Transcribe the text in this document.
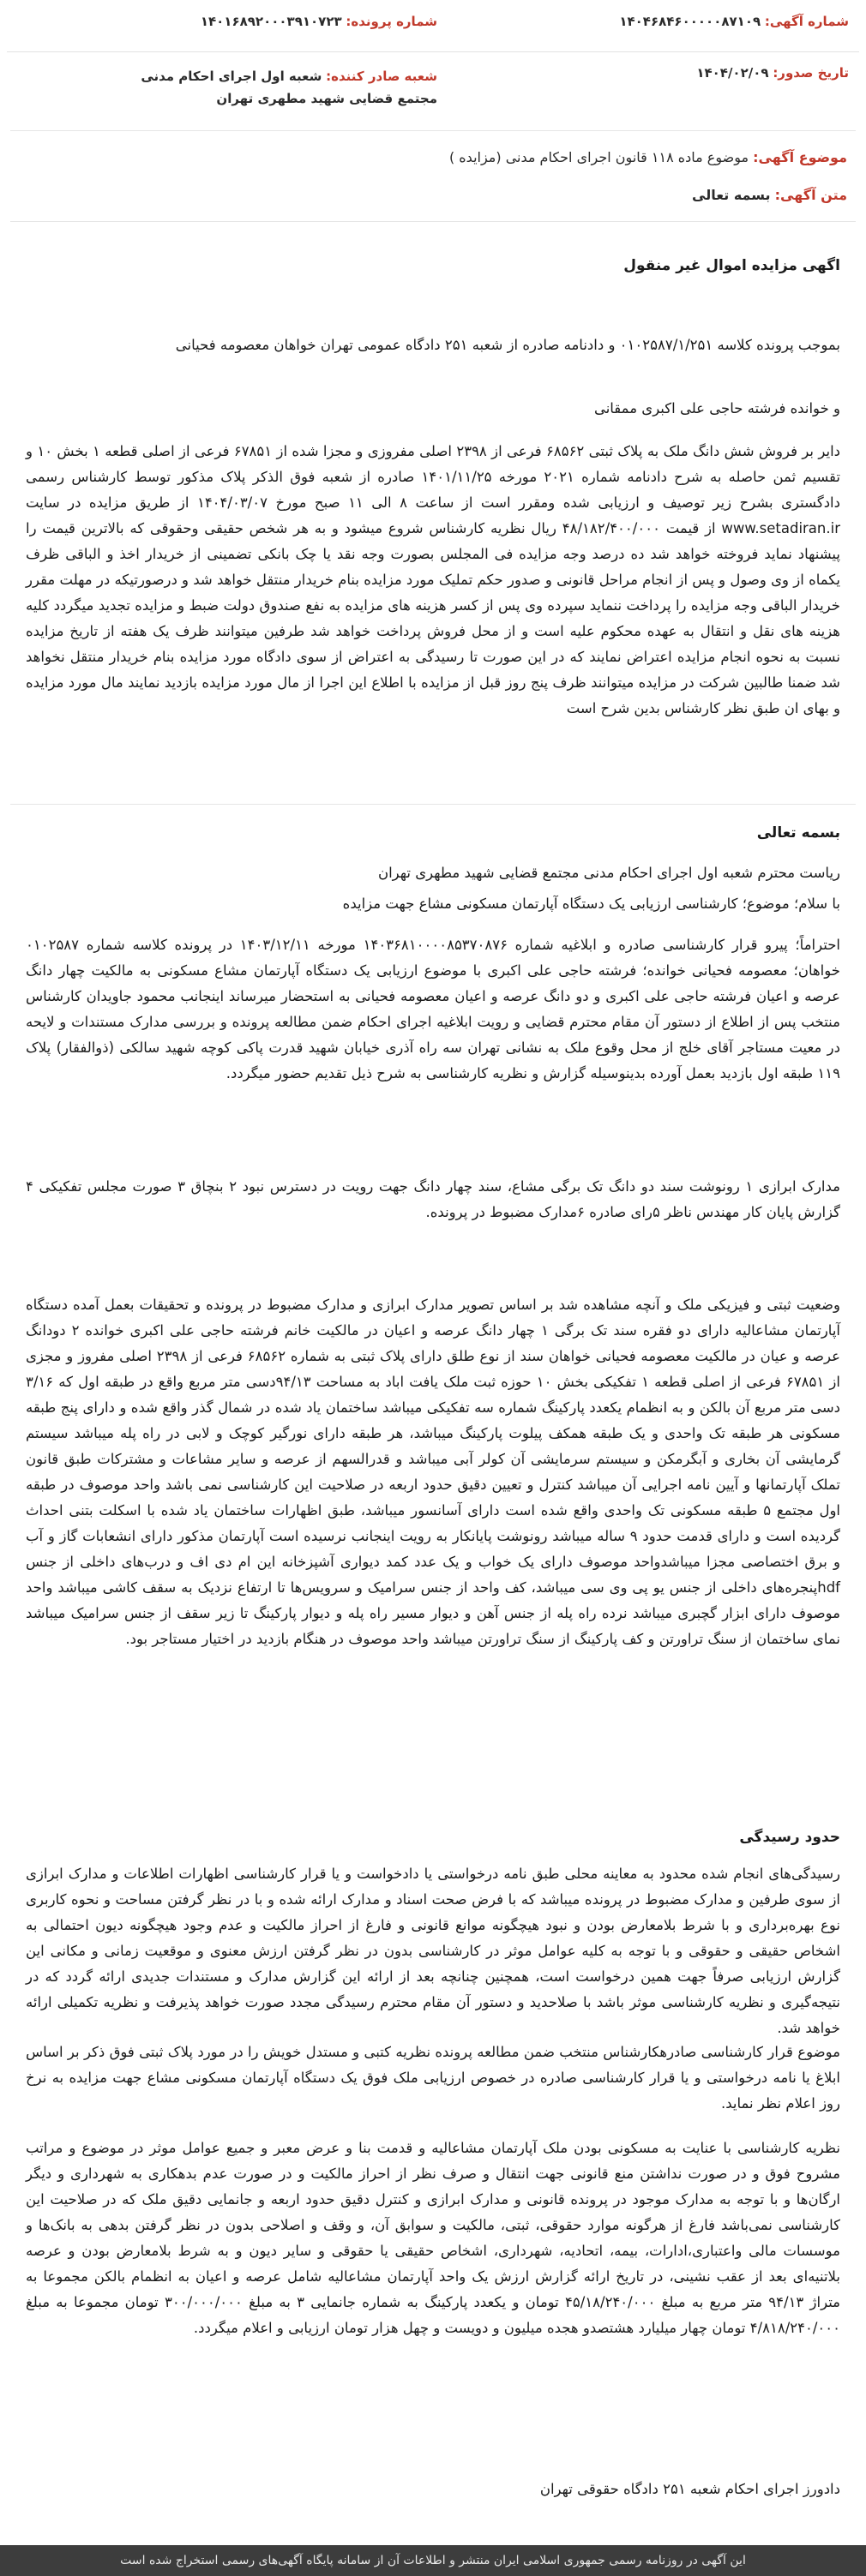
شماره آگهی: ۱۴۰۴۶۸۴۶۰۰۰۰۰۸۷۱۰۹
شماره پرونده: ۱۴۰۱۶۸۹۲۰۰۰۳۹۱۰۷۲۳
تاریخ صدور: ۱۴۰۴/۰۲/۰۹
شعبه صادر کننده: شعبه اول اجرای احکام مدنی مجتمع قضایی شهید مطهری تهران
موضوع آگهی: موضوع ماده ۱۱۸ قانون اجرای احکام مدنی (مزایده )
متن آگهی: بسمه تعالی
اگهی مزایده اموال غیر منقول
بموجب پرونده کلاسه ۰۱۰۲۵۸۷/۱/۲۵۱ و دادنامه صادره از شعبه ۲۵۱ دادگاه عمومی تهران خواهان معصومه فحیانی
و خوانده فرشته حاجی علی اکبری ممقانی
دایر بر فروش شش دانگ ملک به پلاک ثبتی ۶۸۵۶۲ فرعی از ۲۳۹۸ اصلی مفروزی و مجزا شده از ۶۷۸۵۱ فرعی از اصلی قطعه ۱ بخش ۱۰ و تقسیم ثمن حاصله به شرح دادنامه شماره ۲۰۲۱ مورخه ۱۴۰۱/۱۱/۲۵ صادره از شعبه فوق الذکر پلاک مذکور توسط کارشناس رسمی دادگستری بشرح زیر توصیف و ارزیابی شده ومقرر است از ساعت ۸ الی ۱۱ صبح مورخ ۱۴۰۴/۰۳/۰۷ از طریق مزایده در سایت www.setadiran.ir از قیمت ۴۸/۱۸۲/۴۰۰/۰۰۰ ریال نظریه کارشناس شروع میشود و به هر شخص حقیقی وحقوقی که بالاترین قیمت را پیشنهاد نماید فروخته خواهد شد ده درصد وجه مزایده فی المجلس بصورت وجه نقد یا چک بانکی تضمینی از خریدار اخذ و الباقی ظرف یکماه از وی وصول و پس از انجام مراحل قانونی و صدور حکم تملیک مورد مزایده بنام خریدار منتقل خواهد شد و درصورتیکه در مهلت مقرر خریدار الباقی وجه مزایده را پرداخت ننماید سپرده وی پس از کسر هزینه های مزایده به نفع صندوق دولت ضبط و مزایده تجدید میگردد کلیه هزینه های نقل و انتقال به عهده محکوم علیه است و از محل فروش پرداخت خواهد شد طرفین میتوانند ظرف یک هفته از تاریخ مزایده نسبت به نحوه انجام مزایده اعتراض نمایند که در این صورت تا رسیدگی به اعتراض از سوی دادگاه مورد مزایده بنام خریدار منتقل نخواهد شد ضمنا طالبین شرکت در مزایده میتوانند ظرف پنج روز قبل از مزایده با اطلاع این اجرا از مال مورد مزایده بازدید نمایند مال مورد مزایده و بهای ان طبق نظر کارشناس بدین شرح است
بسمه تعالی
ریاست محترم شعبه اول اجرای احکام مدنی مجتمع قضایی شهید مطهری تهران
با سلام؛ موضوع؛ کارشناسی ارزیابی یک دستگاه آپارتمان مسکونی مشاع جهت مزایده
احتراماً؛ پیرو قرار کارشناسی صادره و ابلاغیه شماره ۱۴۰۳۶۸۱۰۰۰۰۸۵۳۷۰۸۷۶ مورخه ۱۴۰۳/۱۲/۱۱ در پرونده کلاسه شماره ۰۱۰۲۵۸۷ خواهان؛ معصومه فحیانی خوانده؛ فرشته حاجی علی اکبری با موضوع ارزیابی یک دستگاه آپارتمان مشاع مسکونی به مالکیت چهار دانگ عرصه و اعیان فرشته حاجی علی اکبری و دو دانگ عرصه و اعیان معصومه فحیانی به استحضار میرساند اینجانب محمود جاویدان کارشناس منتخب پس از اطلاع از دستور آن مقام محترم قضایی و رویت ابلاغیه اجرای احکام ضمن مطالعه پرونده و بررسی مدارک مستندات و لایحه در معیت مستاجر آقای خلج از محل وقوع ملک به نشانی تهران سه راه آذری خیابان شهید قدرت پاکی کوچه شهید سالکی (ذوالفقار) پلاک ۱۱۹ طبقه اول بازدید بعمل آورده بدینوسیله گزارش و نظریه کارشناسی به شرح ذیل تقدیم حضور میگردد.
مدارک ابرازی ۱ رونوشت سند دو دانگ تک برگی مشاع، سند چهار دانگ جهت رویت در دسترس نبود ۲ بنچاق ۳ صورت مجلس تفکیکی ۴ گزارش پایان کار مهندس ناظر ۵رای صادره ۶مدارک مضبوط در پرونده.
وضعیت ثبتی و فیزیکی ملک و آنچه مشاهده شد بر اساس تصویر مدارک ابرازی و مدارک مضبوط در پرونده و تحقیقات بعمل آمده دستگاه آپارتمان مشاعالیه دارای دو فقره سند تک برگی ۱ چهار دانگ عرصه و اعیان در مالکیت خانم فرشته حاجی علی اکبری خوانده ۲ دودانگ عرصه و عیان در مالکیت معصومه فحیانی خواهان سند از نوع طلق دارای پلاک ثبتی به شماره ۶۸۵۶۲ فرعی از ۲۳۹۸ اصلی مفروز و مجزی از ۶۷۸۵۱ فرعی از اصلی قطعه ۱ تفکیکی بخش ۱۰ حوزه ثبت ملک یافت اباد به مساحت ۹۴/۱۳دسی متر مربع واقع در طبقه اول که ۳/۱۶ دسی متر مربع آن بالکن و به انظمام یکعدد پارکینگ شماره سه تفکیکی میباشد ساختمان یاد شده در شمال گذر واقع شده و دارای پنج طبقه مسکونی هر طبقه تک واحدی و یک طبقه همکف پیلوت پارکینگ میباشد، هر طبقه دارای نورگیر کوچک و لابی در راه پله میباشد سیستم گرمایشی آن بخاری و آبگرمکن و سیستم سرمایشی آن کولر آبی میباشد و قدرالسهم از عرصه و سایر مشاعات و مشترکات طبق قانون تملک آپارتمانها و آیین نامه اجرایی آن میباشد کنترل و تعیین دقیق حدود اربعه در صلاحیت این کارشناسی نمی باشد واحد موصوف در طبقه اول مجتمع ۵ طبقه مسکونی تک واحدی واقع شده است دارای آسانسور میباشد، طبق اظهارات ساختمان یاد شده با اسکلت بتنی احداث گردیده است و دارای قدمت حدود ۹ ساله میباشد رونوشت پایانکار به رویت اینجانب نرسیده است آپارتمان مذکور دارای انشعابات گاز و آب و برق اختصاصی مجزا میباشدواحد موصوف دارای یک خواب و یک عدد کمد دیواری آشپزخانه این ام دی اف و درب‌های داخلی از جنس hdfپنجره‌های داخلی از جنس یو پی وی سی میباشد، کف واحد از جنس سرامیک و سرویس‌ها تا ارتفاع نزدیک به سقف کاشی میباشد واحد موصوف دارای ابزار گچبری میباشد نرده راه پله از جنس آهن و دیوار مسیر راه پله و دیوار پارکینگ تا زیر سقف از جنس سرامیک میباشد نمای ساختمان از سنگ تراورتن و کف پارکینگ از سنگ تراورتن میباشد واحد موصوف در هنگام بازدید در اختیار مستاجر بود.
حدود رسیدگی
رسیدگی‌های انجام شده محدود به معاینه محلی طبق نامه درخواستی یا دادخواست و یا قرار کارشناسی اظهارات اطلاعات و مدارک ابرازی از سوی طرفین و مدارک مضبوط در پرونده میباشد که با فرض صحت اسناد و مدارک ارائه شده و با در نظر گرفتن مساحت و نحوه کاربری نوع بهره‌برداری و با شرط بلامعارض بودن و نبود هیچگونه موانع قانونی و فارغ از احراز مالکیت و عدم وجود هیچگونه دیون احتمالی به اشخاص حقیقی و حقوقی و با توجه به کلیه عوامل موثر در کارشناسی بدون در نظر گرفتن ارزش معنوی و موقعیت زمانی و مکانی این گزارش ارزیابی صرفاً جهت همین درخواست است، همچنین چنانچه بعد از ارائه این گزارش مدارک و مستندات جدیدی ارائه گردد که در نتیجه‌گیری و نظریه کارشناسی موثر باشد با صلاحدید و دستور آن مقام محترم رسیدگی مجدد صورت خواهد پذیرفت و نظریه تکمیلی ارائه خواهد شد.
موضوع قرار کارشناسی صادرهکارشناس منتخب ضمن مطالعه پرونده نظریه کتبی و مستدل خویش را در مورد پلاک ثبتی فوق ذکر بر اساس ابلاغ یا نامه درخواستی و یا قرار کارشناسی صادره در خصوص ارزیابی ملک فوق یک دستگاه آپارتمان مسکونی مشاع جهت مزایده به نرخ روز اعلام نظر نماید.
نظریه کارشناسی با عنایت به مسکونی بودن ملک آپارتمان مشاعالیه و قدمت بنا و عرض معبر و جمیع عوامل موثر در موضوع و مراتب مشروح فوق و در صورت نداشتن منع قانونی جهت انتقال و صرف نظر از احراز مالکیت و در صورت عدم بدهکاری به شهرداری و دیگر ارگان‌ها و با توجه به مدارک موجود در پرونده قانونی و مدارک ابرازی و کنترل دقیق حدود اربعه و جانمایی دقیق ملک که در صلاحیت این کارشناسی نمی‌باشد فارغ از هرگونه موارد حقوقی، ثبتی، مالکیت و سوابق آن، و وقف و اصلاحی بدون در نظر گرفتن بدهی به بانک‌ها و موسسات مالی واعتباری،ادارات، بیمه، اتحادیه، شهرداری، اشخاص حقیقی یا حقوقی و سایر دیون و به شرط بلامعارض بودن و عرصه بلاتنیه‌ای بعد از عقب نشینی، در تاریخ ارائه گزارش ارزش یک واحد آپارتمان مشاعالیه شامل عرصه و اعیان به انظمام بالکن مجموعا به متراژ ۹۴/۱۳ متر مربع به مبلغ ۴۵/۱۸/۲۴۰/۰۰۰ تومان و یکعدد پارکینگ به شماره جانمایی ۳ به مبلغ ۳۰۰/۰۰۰/۰۰۰ تومان مجموعا به مبلغ ۴/۸۱۸/۲۴۰/۰۰۰ تومان چهار میلیارد هشتصدو هجده میلیون و دویست و چهل هزار تومان ارزیابی و اعلام میگردد.
دادورز اجرای احکام شعبه ۲۵۱ دادگاه حقوقی تهران
این آگهی در روزنامه رسمی جمهوری اسلامی ایران منتشر و اطلاعات آن از سامانه پایگاه آگهی‌های رسمی استخراج شده است
